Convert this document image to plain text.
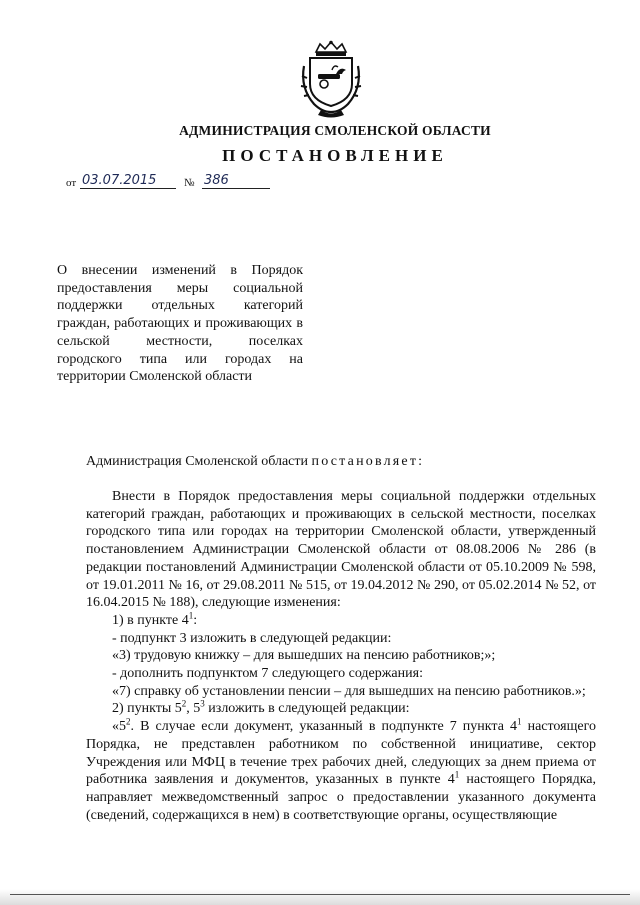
АДМИНИСТРАЦИЯ СМОЛЕНСКОЙ ОБЛАСТИ
ПОСТАНОВЛЕНИЕ
от 03.07.2015	№ 386
О внесении изменений в Порядок предоставления меры социальной поддержки отдельных категорий граждан, работающих и проживающих в сельской местности, поселках городского типа или городах на территории Смоленской области
Администрация Смоленской области постановляет:

Внести в Порядок предоставления меры социальной поддержки отдельных категорий граждан, работающих и проживающих в сельской местности, поселках городского типа или городах на территории Смоленской области, утвержденный постановлением Администрации Смоленской области от 08.08.2006 № 286 (в редакции постановлений Администрации Смоленской области от 05.10.2009 № 598, от 19.01.2011 № 16, от 29.08.2011 № 515, от 19.04.2012 № 290, от 05.02.2014 № 52, от 16.04.2015 № 188), следующие изменения:

1) в пункте $4^1$:

- подпункт 3 изложить в следующей редакции:

«3) трудовую книжку – для вышедших на пенсию работников;»;

- дополнить подпунктом 7 следующего содержания:

«7) справку об установлении пенсии – для вышедших на пенсию работников.»;

2) пункты $5^2$, $5^3$ изложить в следующей редакции:

«$5^2$. В случае если документ, указанный в подпункте 7 пункта $4^1$ настоящего Порядка, не представлен работником по собственной инициативе, сектор Учреждения или МФЦ в течение трех рабочих дней, следующих за днем приема от работника заявления и документов, указанных в пункте $4^1$ настоящего Порядка, направляет межведомственный запрос о предоставлении указанного документа (сведений, содержащихся в нем) в соответствующие органы, осуществляющие
